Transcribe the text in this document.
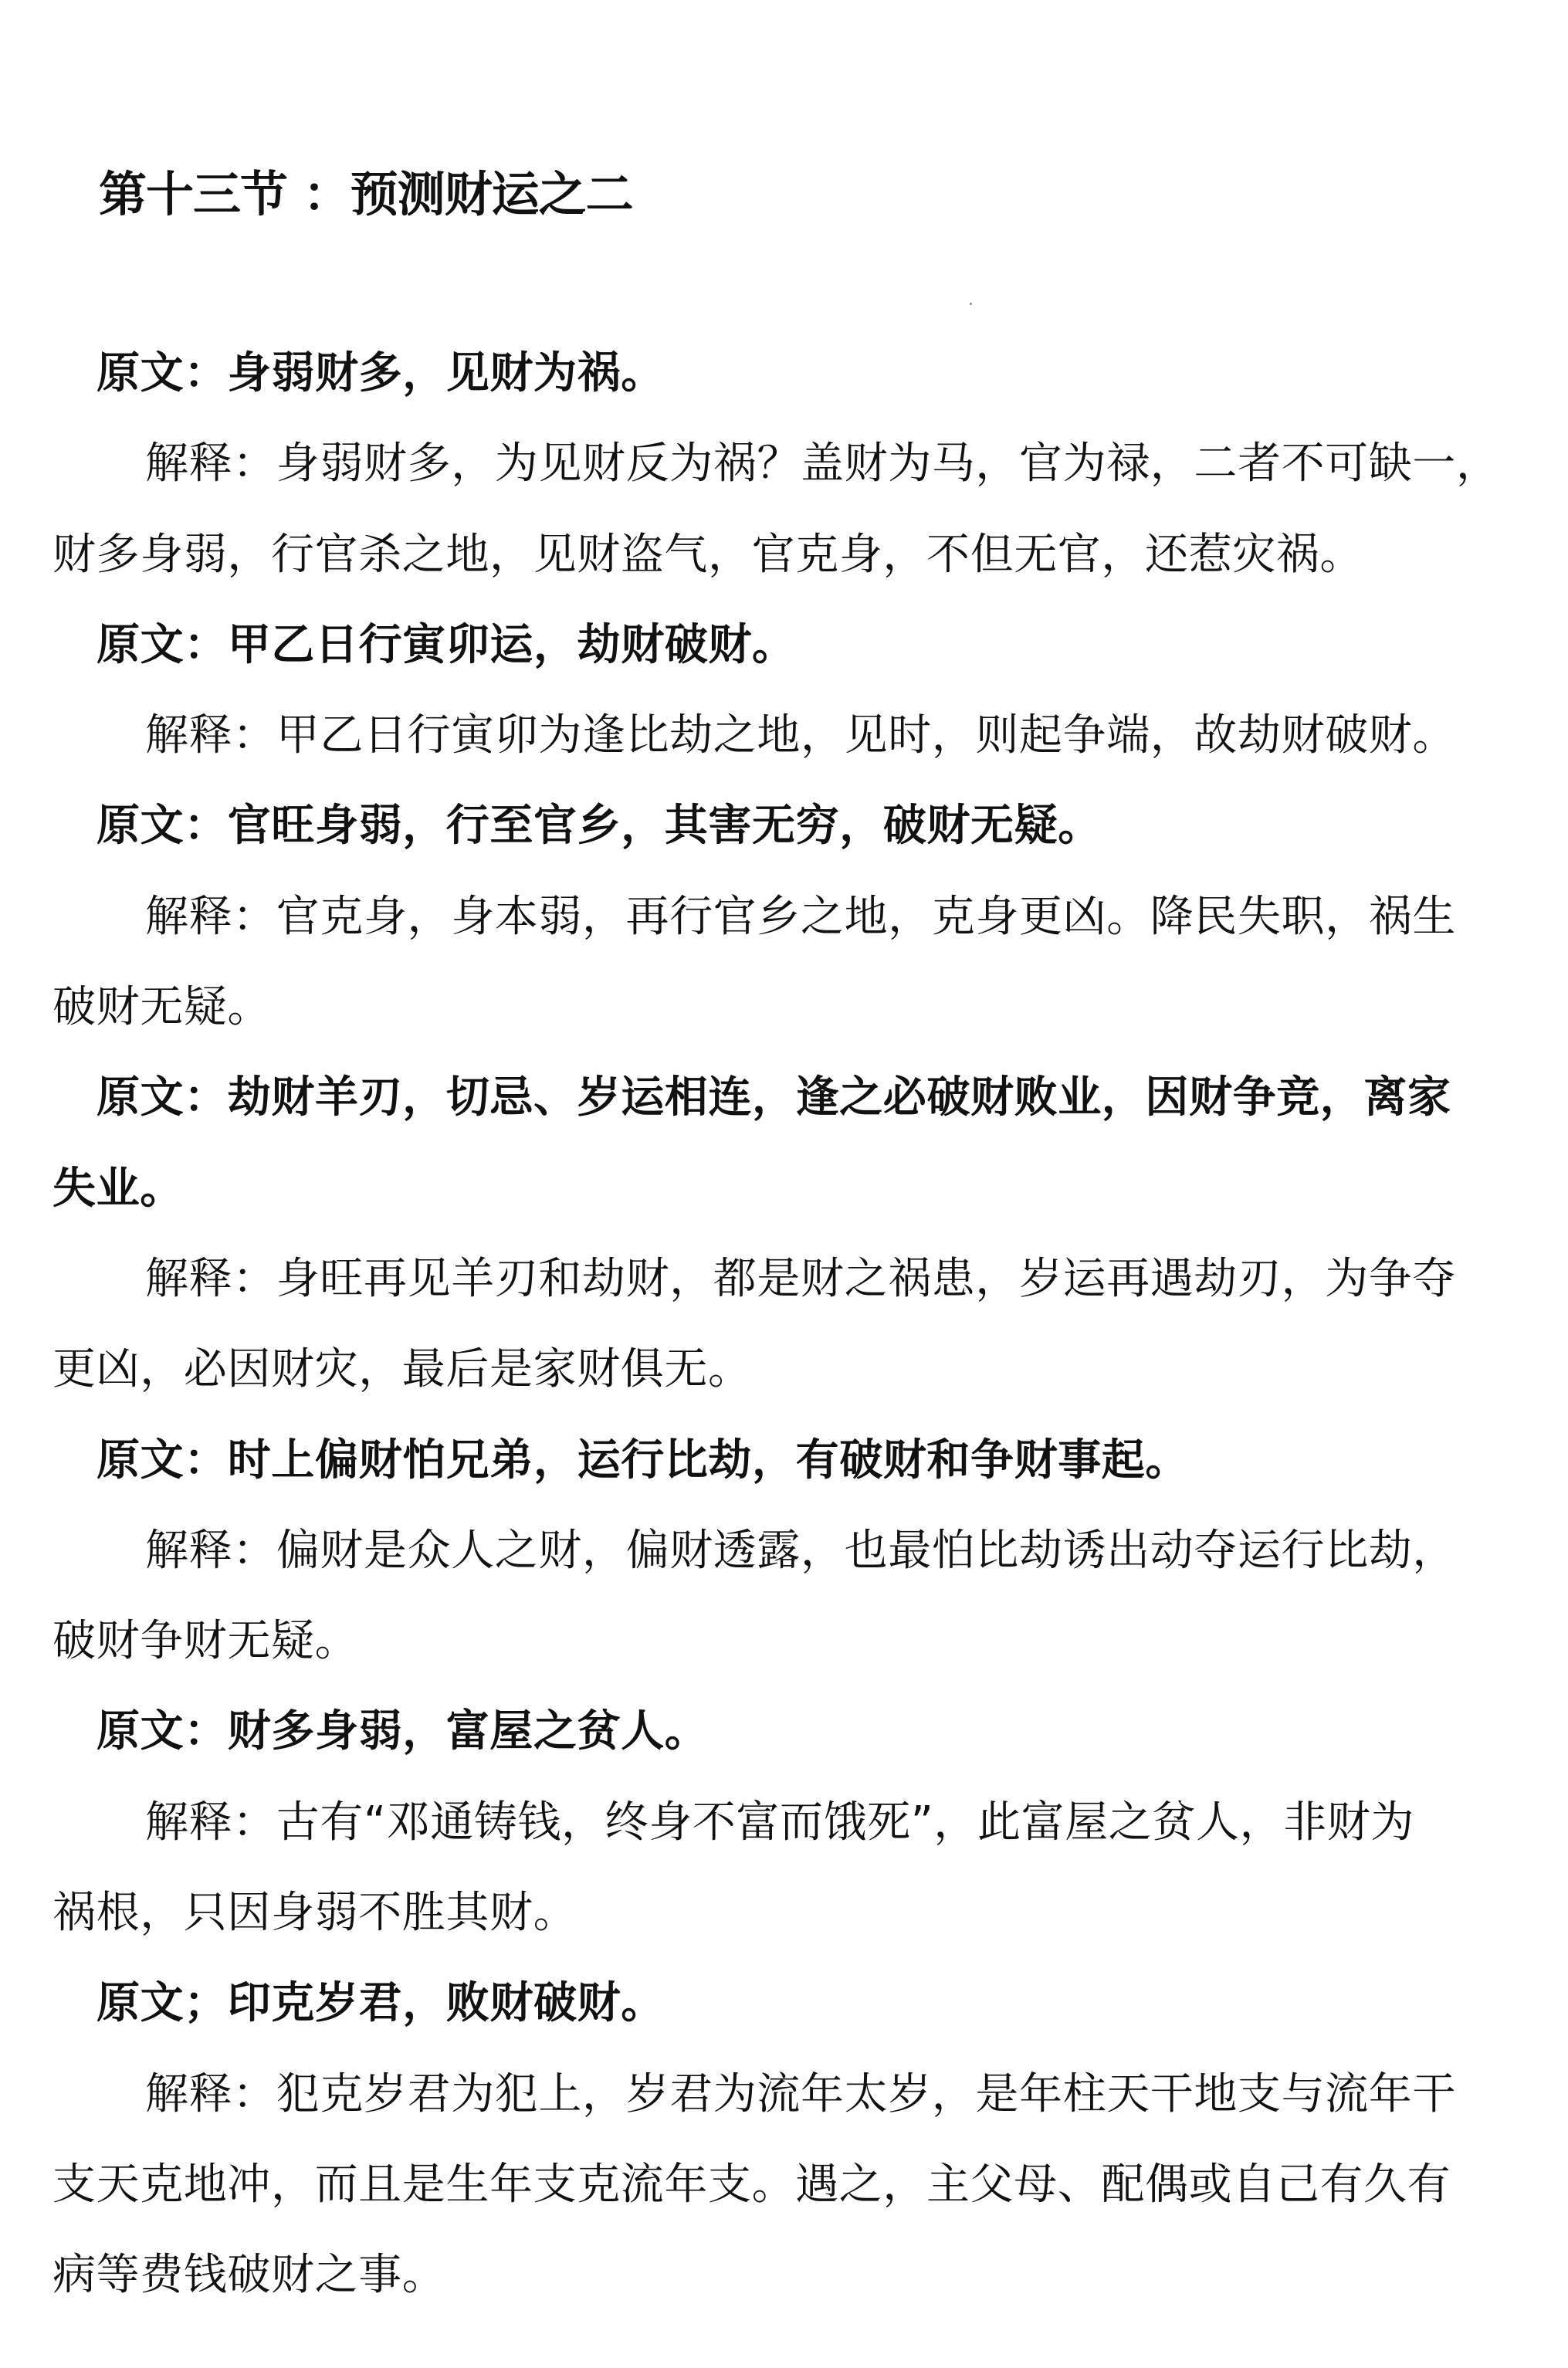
第十三节 ：预测财运之二
原文：身弱财多，见财为祸。
解释：身弱财多，为见财反为祸？盖财为马，官为禄，二者不可缺一，
财多身弱，行官杀之地，见财盗气，官克身，不但无官，还惹灾祸。
原文：甲乙日行寅卯运，劫财破财。
解释：甲乙日行寅卯为逢比劫之地，见时，则起争端，故劫财破财。
原文：官旺身弱，行至官乡，其害无穷，破财无疑。
解释：官克身，身本弱，再行官乡之地，克身更凶。降民失职，祸生
破财无疑。
原文：劫财羊刃，切忌、岁运相连，逢之必破财败业，因财争竞，离家
失业。
解释：身旺再见羊刃和劫财，都是财之祸患，岁运再遇劫刃，为争夺
更凶，必因财灾，最后是家财俱无。
原文：时上偏财怕兄弟，运行比劫，有破财和争财事起。
解释：偏财是众人之财，偏财透露，也最怕比劫诱出动夺运行比劫，
破财争财无疑。
原文：财多身弱，富屋之贫人。
解释：古有“邓通铸钱，终身不富而饿死”，此富屋之贫人，非财为
祸根，只因身弱不胜其财。
原文；印克岁君，败财破财。
解释：犯克岁君为犯上，岁君为流年太岁，是年柱天干地支与流年干
支天克地冲，而且是生年支克流年支。遇之，主父母、配偶或自己有久有
病等费钱破财之事。
